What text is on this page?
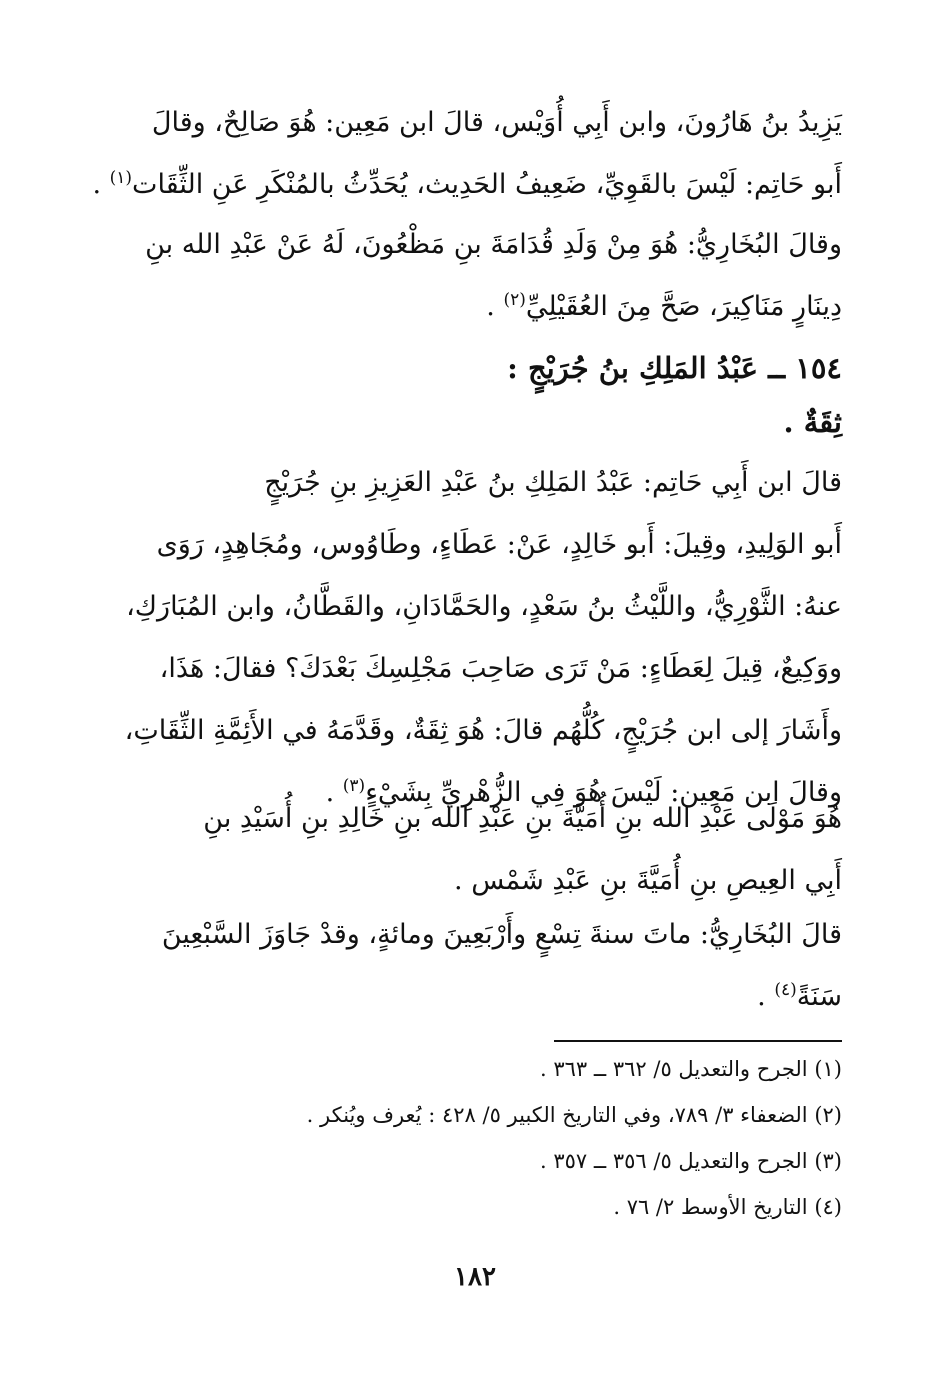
يَزِيدُ بنُ هَارُونَ، وابن أَبِي أُوَيْس، قالَ ابن مَعِين: هُوَ صَالِحٌ، وقالَ
أَبو حَاتِم: لَيْسَ بالقَوِيِّ، ضَعِيفُ الحَدِيث، يُحَدِّثُ بالمُنْكَرِ عَنِ الثِّقَات$^{(١)}$ .

وقالَ البُخَارِيُّ: هُوَ مِنْ وَلَدِ قُدَامَةَ بنِ مَظْعُونَ، لَهُ عَنْ عَبْدِ الله بنِ
دِينَارٍ مَنَاكِيرَ، صَحَّ مِنَ العُقَيْلِيِّ$^{(٢)}$ .

١٥٤ ــ عَبْدُ المَلِكِ بنُ جُرَيْجٍ :

ثِقَةٌ .

قالَ ابن أَبِي حَاتِم: عَبْدُ المَلِكِ بنُ عَبْدِ العَزِيزِ بنِ جُرَيْجٍ
أَبو الوَلِيدِ، وقِيلَ: أَبو خَالِدٍ، عَنْ: عَطَاءٍ، وطَاوُوس، ومُجَاهِدٍ، رَوَى
عنهُ: الثَّوْرِيُّ، واللَّيْثُ بنُ سَعْدٍ، والحَمَّادَانِ، والقَطَّانُ، وابن المُبَارَكِ،
ووَكِيعٌ، قِيلَ لِعَطَاءٍ: مَنْ تَرَى صَاحِبَ مَجْلِسِكَ بَعْدَكَ؟ فقالَ: هَذَا،
وأَشَارَ إلى ابن جُرَيْجٍ، كُلُّهُم قالَ: هُوَ ثِقَةٌ، وقَدَّمَهُ في الأَئِمَّةِ الثِّقَاتِ،
وقالَ ابن مَعِين: لَيْسَ هُوَ فِي الزُّهْرِيِّ بِشَيْءٍ$^{(٣)}$ .

هُوَ مَوْلَى عَبْدِ الله بنِ أُمَيَّةَ بنِ عَبْدِ الله بنِ خَالِدِ بنِ أُسَيْدِ بنِ
أَبِي العِيصِ بنِ أُمَيَّةَ بنِ عَبْدِ شَمْس .

قالَ البُخَارِيُّ: ماتَ سنةَ تِسْعٍ وأَرْبَعِينَ ومائةٍ، وقدْ جَاوَزَ السَّبْعِينَ
سَنَةً$^{(٤)}$ .

(١) الجرح والتعديل ٥/ ٣٦٢ ــ ٣٦٣ .

(٢) الضعفاء ٣/ ٧٨٩، وفي التاريخ الكبير ٥/ ٤٢٨ : يُعرف ويُنكر .

(٣) الجرح والتعديل ٥/ ٣٥٦ ــ ٣٥٧ .

(٤) التاريخ الأوسط ٢/ ٧٦ .

١٨٢
